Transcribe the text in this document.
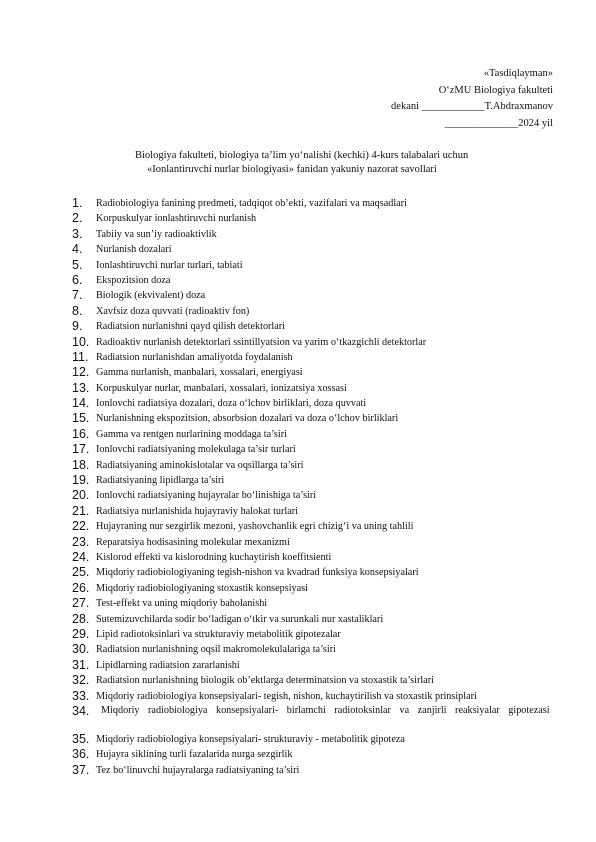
«Tasdiqlayman»
O‘zMU Biologiya fakulteti
dekani ____________T.Abdraxmanov
______________2024 yil
Biologiya fakulteti, biologiya ta’lim yo‘nalishi (kechki) 4-kurs talabalari uchun
«Ionlantiruvchi nurlar biologiyasi» fanidan yakuniy nazorat savollari
1.	Radiobiologiya fanining predmeti, tadqiqot ob’ekti, vazifalari va maqsadlari
2.	Korpuskulyar ionlashtiruvchi nurlanish
3.	Tabiiy va sun’iy radioaktivlik
4.	Nurlanish dozalari
5.	Ionlashtiruvchi nurlar turlari, tabiati
6.	Ekspozitsion doza
7.	Biologik (ekvivalent) doza
8.	Xavfsiz doza quvvati (radioaktiv fon)
9.	Radiatsion nurlanishni qayd qilish detektorlari
10. Radioaktiv nurlanish detektorlari ssintillyatsion va yarim o‘tkazgichli detektorlar
11. Radiatsion nurlanishdan amaliyotda foydalanish
12. Gamma nurlanish, manbalari, xossalari, energiyasi
13. Korpuskulyar nurlar, manbalari, xossalari, ionizatsiya xossasi
14. Ionlovchi radiatsiya dozalari, doza o‘lchov birliklari, doza quvvati
15. Nurlanishning ekspozitsion, absorbsion dozalari va doza o‘lchov birliklari
16. Gamma va rentgen nurlarining moddaga ta’siri
17. Ionlovchi radiatsiyaning molekulaga ta’sir turlari
18. Radiatsiyaning aminokislotalar va oqsillarga ta’siri
19. Radiatsiyaning lipidlarga ta’siri
20. Ionlovchi radiatsiyaning hujayralar bo‘linishiga ta’siri
21. Radiatsiya nurlanishida hujayraviy halokat turlari
22. Hujayraning nur sezgirlik mezoni, yashovchanlik egri chizig‘i va uning tahlili
23. Reparatsiya hodisasining molekular mexanizmi
24. Kislorod effekti va kislorodning kuchaytirish koeffitsienti
25. Miqdoriy radiobiologiyaning tegish-nishon va kvadrad funksiya konsepsiyalari
26. Miqdoriy radiobiologiyaning stoxastik konsepsiyasi
27. Test-effekt va uning miqdoriy baholanishi
28. Sutemizuvchilarda sodir bo‘ladigan o‘tkir va surunkali nur xastaliklari
29. Lipid radiotoksinlari va strukturaviy metabolitik gipotezalar
30. Radiatsion nurlanishning oqsil makromolekulalariga ta’siri
31. Lipidlarning radiatsion zararlanishi
32. Radiatsion nurlanishning biologik ob’ektlarga determinatsion va stoxastik ta’sirlari
33. Miqdoriy radiobiologiya konsepsiyalari- tegish, nishon, kuchaytirilish va stoxastik prinsiplari
34.	Miqdoriy radiobiologiya konsepsiyalari- birlamchi radiotoksinlar va zanjirli reaksiyalar gipotezasi
35. Miqdoriy radiobiologiya konsepsiyalari- strukturaviy - metabolitik gipoteza
36. Hujayra siklining turli fazalarida nurga sezgirlik
37. Tez bo‘linuvchi hujayralarga radiatsiyaning ta’siri
